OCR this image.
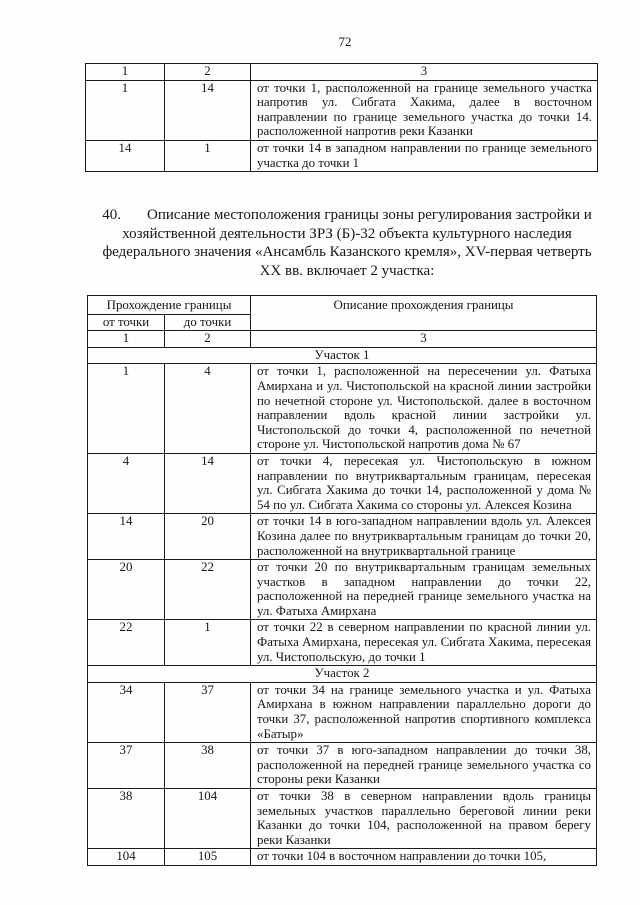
72
1	2	3
1	14	от точки 1, расположенной на границе земельного участка напротив ул. Сибгата Хакима, далее в восточном направлении по границе земельного участка до точки 14. расположенной напротив реки Казанки
14	1	от точки 14 в западном направлении по границе земельного участка до точки 1
40. Описание местоположения границы зоны регулирования застройки и
хозяйственной деятельности ЗРЗ (Б)-32 объекта культурного наследия
федерального значения «Ансамбль Казанского кремля», XV-первая четверть
XX вв. включает 2 участка:
Прохождение границы		Описание прохождения границы
от точки	до точки	
1	2	3
Участок 1		
1	4	от точки 1, расположенной на пересечении ул. Фатыха Амирхана и ул. Чистопольской на красной линии застройки по нечетной стороне ул. Чистопольской. далее в восточном направлении вдоль красной линии застройки ул. Чистопольской до точки 4, расположенной по нечетной стороне ул. Чистопольской напротив дома № 67
4	14	от точки 4, пересекая ул. Чистопольскую в южном направлении по внутриквартальным границам, пересекая ул. Сибгата Хакима до точки 14, расположенной у дома № 54 по ул. Сибгата Хакима со стороны ул. Алексея Козина
14	20	от точки 14 в юго-западном направлении вдоль ул. Алексея Козина далее по внутриквартальным границам до точки 20, расположенной на внутриквартальной границе
20	22	от точки 20 по внутриквартальным границам земельных участков в западном направлении до точки 22, расположенной на передней границе земельного участка на ул. Фатыха Амирхана
22	1	от точки 22 в северном направлении по красной линии ул. Фатыха Амирхана, пересекая ул. Сибгата Хакима, пересекая ул. Чистопольскую, до точки 1
Участок 2		
34	37	от точки 34 на границе земельного участка и ул. Фатыха Амирхана в южном направлении параллельно дороги до точки 37, расположенной напротив спортивного комплекса «Батыр»
37	38	от точки 37 в юго-западном направлении до точки 38, расположенной на передней границе земельного участка со стороны реки Казанки
38	104	от точки 38 в северном направлении вдоль границы земельных участков параллельно береговой линии реки Казанки до точки 104, расположенной на правом берегу реки Казанки
104	105	от точки 104 в восточном направлении до точки 105,
